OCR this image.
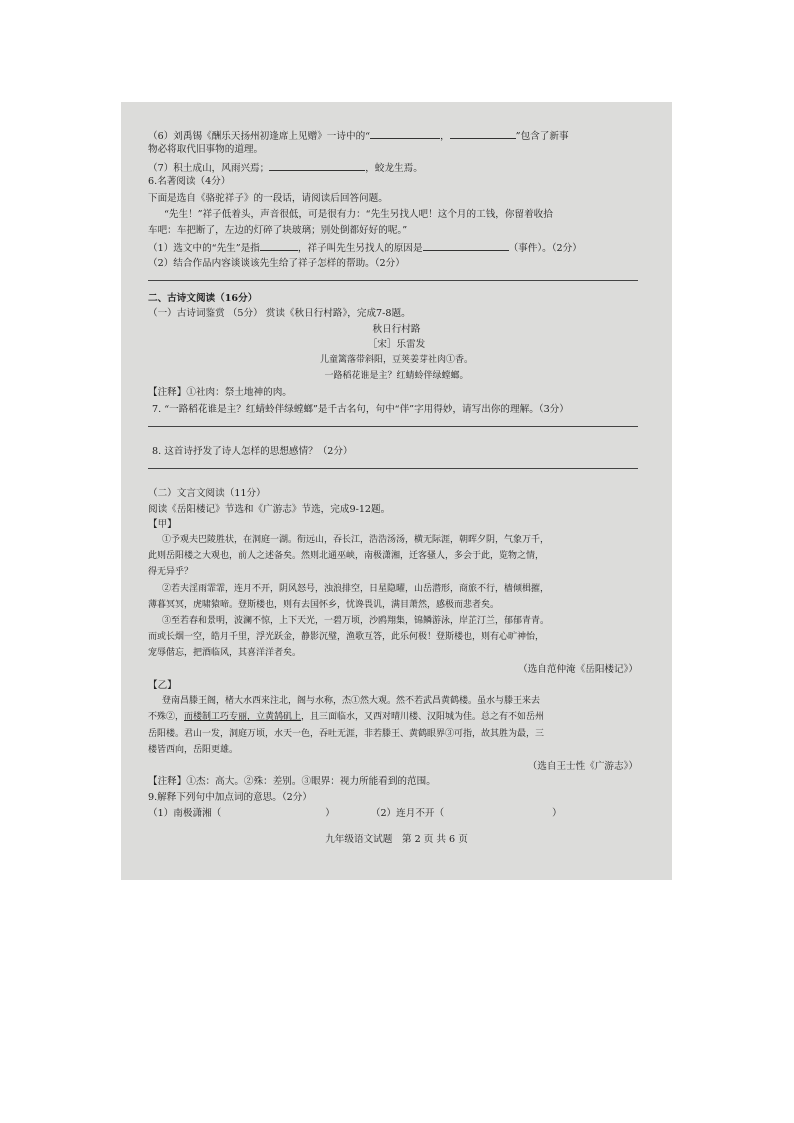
（6）刘禹锡《酬乐天扬州初逢席上见赠》一诗中的“	，	”包含了新事
物必将取代旧事物的道理。
（7）积土成山，风雨兴焉；	，蛟龙生焉。
6.名著阅读（4分）
下面是选自《骆驼祥子》的一段话，请阅读后回答问题。
“先生！”祥子低着头，声音很低，可是很有力：“先生另找人吧！这个月的工钱，你留着收拾
车吧：车把断了，左边的灯碎了块玻璃；别处倒都好好的呢。”
（1）选文中的“先生”是指	，祥子叫先生另找人的原因是	（事件）。（2分）
（2）结合作品内容谈谈该先生给了祥子怎样的帮助。（2分）
二、古诗文阅读（16分）
（一）古诗词鉴赏 （5分） 赏读《秋日行村路》，完成7-8题。
秋日行村路
［宋］乐雷发
儿童篱落带斜阳，豆荚姜芽社肉①香。
一路稻花谁是主？红蜻蛉伴绿螳螂。
【注释】①社肉：祭土地神的肉。
7. “一路稻花谁是主？红蜻蛉伴绿螳螂”是千古名句，句中“伴”字用得妙，请写出你的理解。（3分）
8. 这首诗抒发了诗人怎样的思想感情？（2分）
（二）文言文阅读（11分）
阅读《岳阳楼记》节选和《广游志》节选，完成9-12题。
【甲】
①予观夫巴陵胜状，在洞庭一湖。衔远山，吞长江，浩浩汤汤，横无际涯，朝晖夕阴，气象万千，
此则岳阳楼之大观也，前人之述备矣。然则北通巫峡，南极潇湘，迁客骚人，多会于此，览物之情，
得无异乎？
②若夫淫雨霏霏，连月不开，阴风怒号，浊浪排空，日星隐曜，山岳潜形，商旅不行，樯倾楫摧，
薄暮冥冥，虎啸猿啼。登斯楼也，则有去国怀乡，忧谗畏讥，满目萧然，感极而悲者矣。
③至若春和景明，波澜不惊，上下天光，一碧万顷，沙鸥翔集，锦鳞游泳，岸芷汀兰，郁郁青青。
而或长烟一空，皓月千里，浮光跃金，静影沉璧，渔歌互答，此乐何极！登斯楼也，则有心旷神怡，
宠辱偕忘，把酒临风，其喜洋洋者矣。
（选自范仲淹《岳阳楼记》）
【乙】
登南昌滕王阁，楮大水西来注北，阁与水称，杰①然大观。然不若武昌黄鹤楼。虽水与滕王来去
不殊②，而楼制工巧专丽，立黄鹄矶上，且三面临水，又西对晴川楼、汉阳城为佳。总之有不如岳州
岳阳楼。君山一发，洞庭万顷，水天一色，吞吐无涯，非若滕王、黄鹤眼界③可指，故其胜为最，三
楼皆西向，岳阳更雄。
（选自王士性《广游志》）
【注释】①杰：高大。②殊：差别。③眼界：视力所能看到的范围。
9.解释下列句中加点词的意思。（2分）
（1）南极潇湘（	）	（2）连月不开（	）
九年级语文试题　第 2 页 共 6 页
